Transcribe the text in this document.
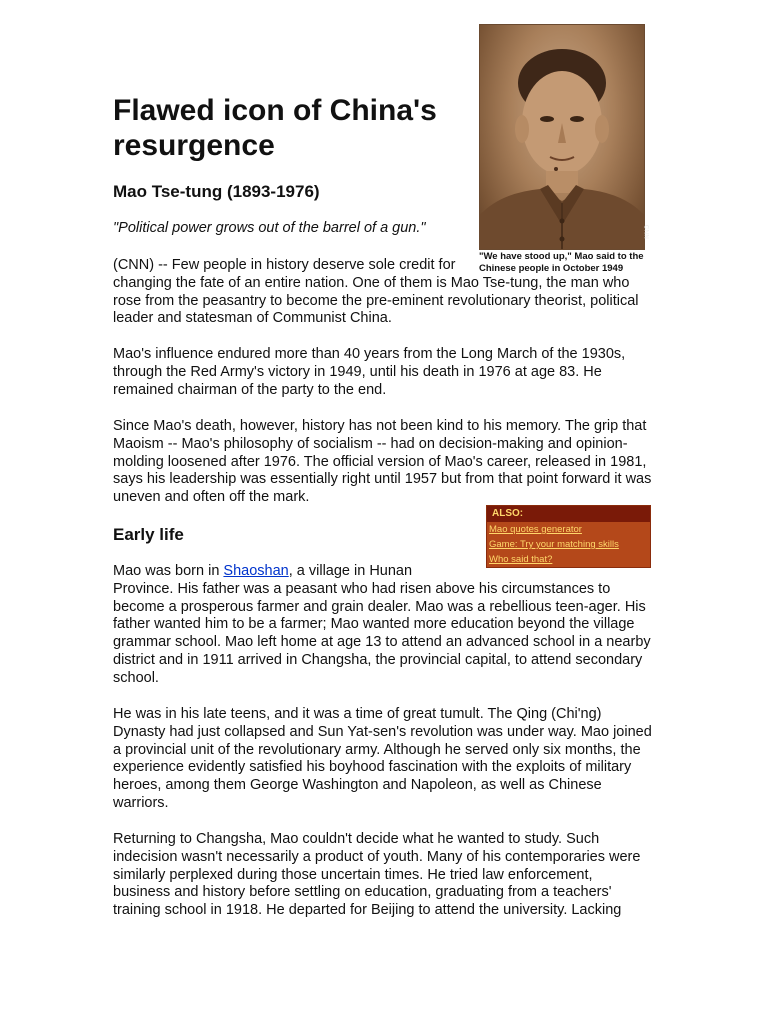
CNN
"We have stood up," Mao said to the Chinese people in October 1949
Flawed icon of China's resurgence
Mao Tse-tung (1893-1976)

"Political power grows out of the barrel of a gun."

(CNN) -- Few people in history deserve sole credit for
changing the fate of an entire nation. One of them is Mao Tse-tung, the man who rose from the peasantry to become the pre-eminent revolutionary theorist, political leader and statesman of Communist China.

Mao's influence endured more than 40 years from the Long March of the 1930s, through the Red Army's victory in 1949, until his death in 1976 at age 83. He remained chairman of the party to the end.

Since Mao's death, however, history has not been kind to his memory. The grip that Maoism -- Mao's philosophy of socialism -- had on decision-making and opinion-molding loosened after 1976. The official version of Mao's career, released in 1981, says his leadership was essentially right until 1957 but from that point forward it was uneven and often off the mark.

Early life
ALSO:
Mao quotes generator
Game: Try your matching skills
Who said that?

Mao was born in Shaoshan, a village in Hunan
Province. His father was a peasant who had risen above his circumstances to become a prosperous farmer and grain dealer. Mao was a rebellious teen-ager. His father wanted him to be a farmer; Mao wanted more education beyond the village grammar school. Mao left home at age 13 to attend an advanced school in a nearby district and in 1911 arrived in Changsha, the provincial capital, to attend secondary school.

He was in his late teens, and it was a time of great tumult. The Qing (Chi'ng) Dynasty had just collapsed and Sun Yat-sen's revolution was under way. Mao joined a provincial unit of the revolutionary army. Although he served only six months, the experience evidently satisfied his boyhood fascination with the exploits of military heroes, among them George Washington and Napoleon, as well as Chinese warriors.

Returning to Changsha, Mao couldn't decide what he wanted to study. Such indecision wasn't necessarily a product of youth. Many of his contemporaries were similarly perplexed during those uncertain times. He tried law enforcement, business and history before settling on education, graduating from a teachers' training school in 1918. He departed for Beijing to attend the university. Lacking
